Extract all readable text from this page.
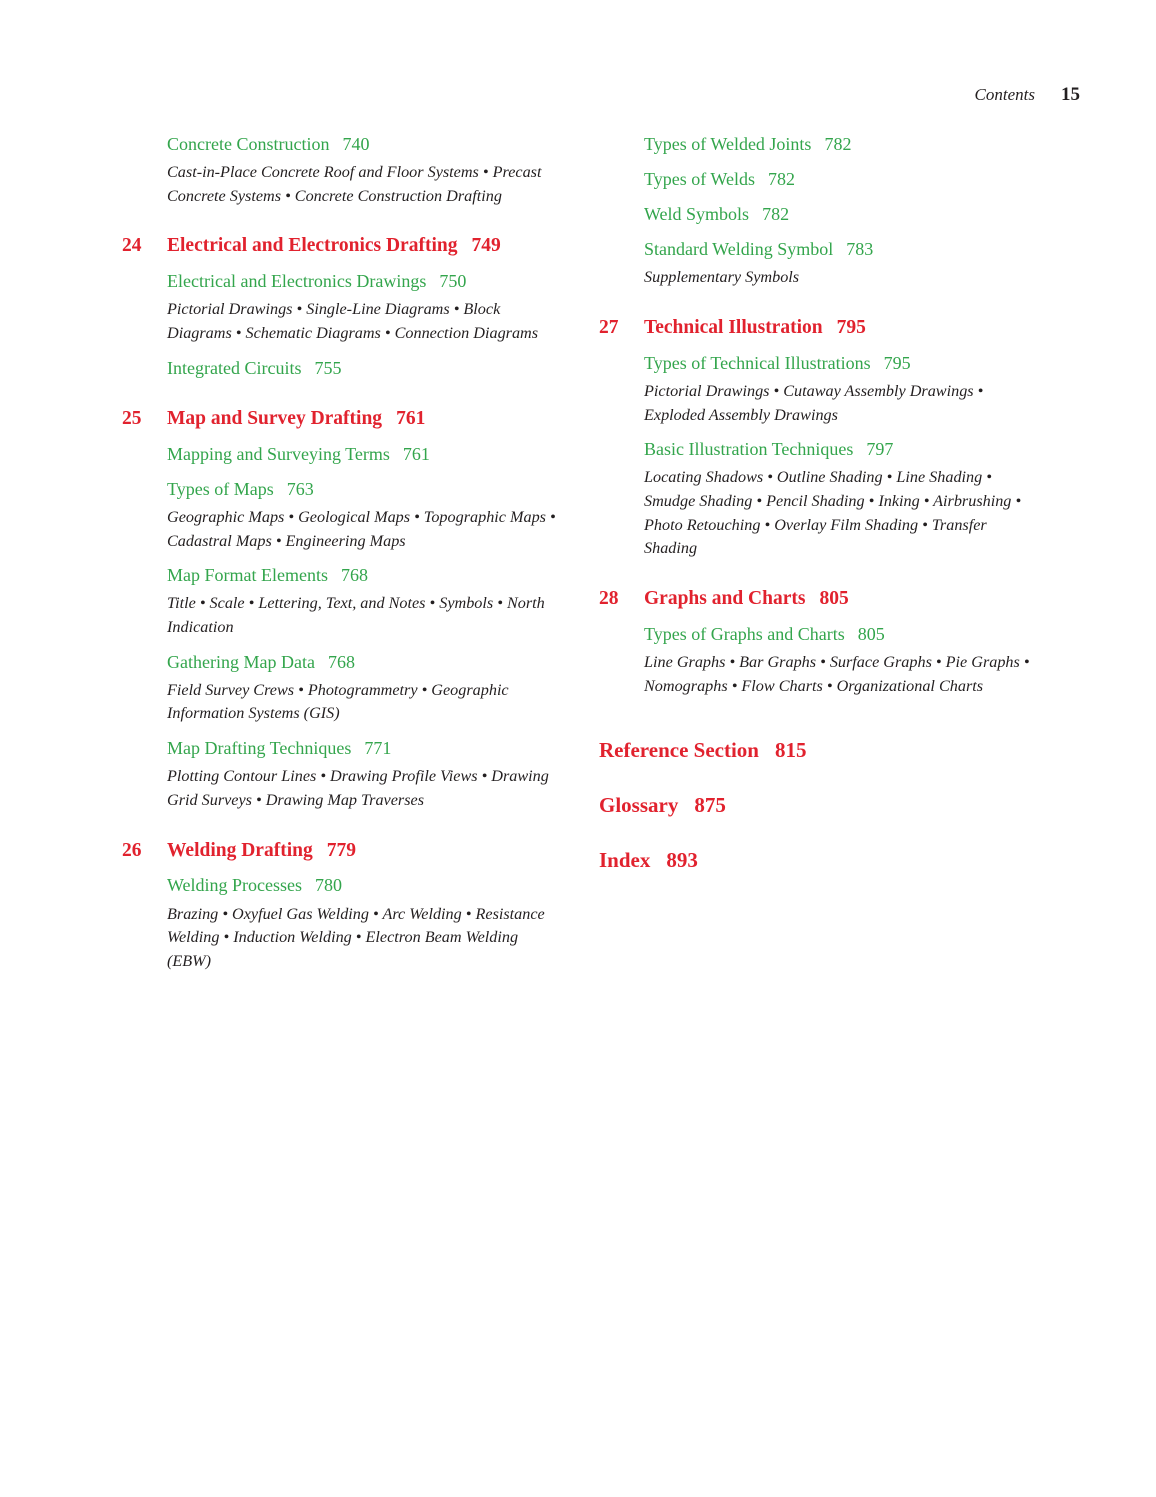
Contents 15
Concrete Construction 740
Cast-in-Place Concrete Roof and Floor Systems • Precast Concrete Systems • Concrete Construction Drafting
24	Electrical and Electronics Drafting 749
Electrical and Electronics Drawings 750
Pictorial Drawings • Single-Line Diagrams • Block Diagrams • Schematic Diagrams • Connection Diagrams
Integrated Circuits 755
25	Map and Survey Drafting 761
Mapping and Surveying Terms 761
Types of Maps 763
Geographic Maps • Geological Maps • Topographic Maps • Cadastral Maps • Engineering Maps
Map Format Elements 768
Title • Scale • Lettering, Text, and Notes • Symbols • North Indication
Gathering Map Data 768
Field Survey Crews • Photogrammetry • Geographic Information Systems (GIS)
Map Drafting Techniques 771
Plotting Contour Lines • Drawing Profile Views • Drawing Grid Surveys • Drawing Map Traverses
26	Welding Drafting 779
Welding Processes 780
Brazing • Oxyfuel Gas Welding • Arc Welding • Resistance Welding • Induction Welding • Electron Beam Welding (EBW)
Types of Welded Joints 782
Types of Welds 782
Weld Symbols 782
Standard Welding Symbol 783
Supplementary Symbols
27	Technical Illustration 795
Types of Technical Illustrations 795
Pictorial Drawings • Cutaway Assembly Drawings • Exploded Assembly Drawings
Basic Illustration Techniques 797
Locating Shadows • Outline Shading • Line Shading • Smudge Shading • Pencil Shading • Inking • Airbrushing • Photo Retouching • Overlay Film Shading • Transfer Shading
28	Graphs and Charts 805
Types of Graphs and Charts 805
Line Graphs • Bar Graphs • Surface Graphs • Pie Graphs • Nomographs • Flow Charts • Organizational Charts
Reference Section 815
Glossary 875
Index 893
